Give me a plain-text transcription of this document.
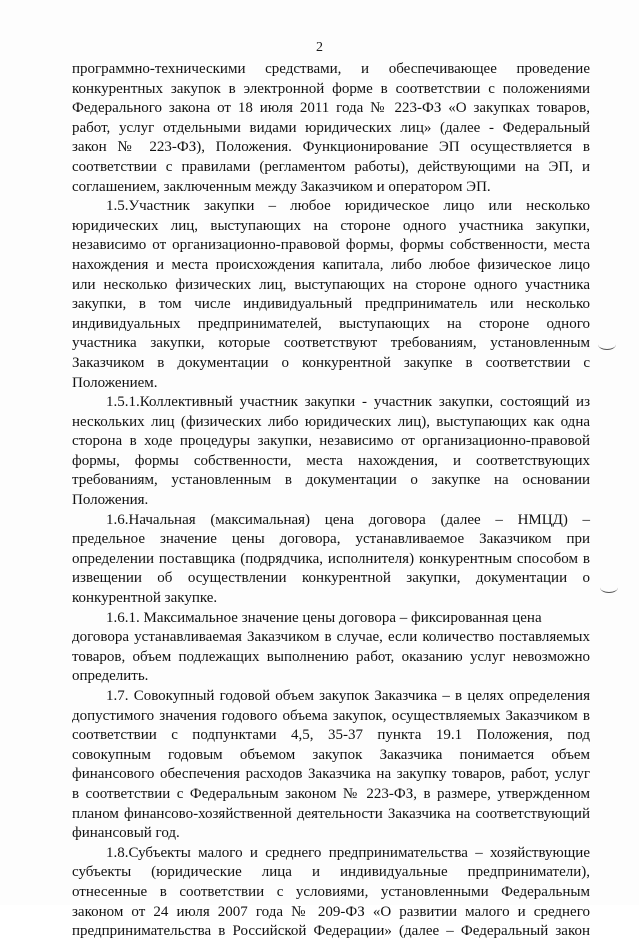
2
программно-техническими средствами, и обеспечивающее проведение
конкурентных закупок в электронной форме в соответствии с положениями
Федерального закона от 18 июля 2011 года № 223-ФЗ «О закупках товаров,
работ, услуг отдельными видами юридических лиц» (далее - Федеральный
закон № 223-ФЗ), Положения. Функционирование ЭП осуществляется в
соответствии с правилами (регламентом работы), действующими на ЭП, и
соглашением, заключенным между Заказчиком и оператором ЭП.
1.5.Участник закупки – любое юридическое лицо или несколько
юридических лиц, выступающих на стороне одного участника закупки,
независимо от организационно-правовой формы, формы собственности, места
нахождения и места происхождения капитала, либо любое физическое лицо
или несколько физических лиц, выступающих на стороне одного участника
закупки, в том числе индивидуальный предприниматель или несколько
индивидуальных предпринимателей, выступающих на стороне одного
участника закупки, которые соответствуют требованиям, установленным
Заказчиком в документации о конкурентной закупке в соответствии с
Положением.
1.5.1.Коллективный участник закупки - участник закупки, состоящий из
нескольких лиц (физических либо юридических лиц), выступающих как одна
сторона в ходе процедуры закупки, независимо от организационно-правовой
формы, формы собственности, места нахождения, и соответствующих
требованиям, установленным в документации о закупке на основании
Положения.
1.6.Начальная (максимальная) цена договора (далее – НМЦД) –
предельное значение цены договора, устанавливаемое Заказчиком при
определении поставщика (подрядчика, исполнителя) конкурентным способом в
извещении об осуществлении конкурентной закупки, документации о
конкурентной закупке.
1.6.1. Максимальное значение цены договора – фиксированная цена
договора устанавливаемая Заказчиком в случае, если количество поставляемых
товаров, объем подлежащих выполнению работ, оказанию услуг невозможно
определить.
1.7. Совокупный годовой объем закупок Заказчика – в целях определения
допустимого значения годового объема закупок, осуществляемых Заказчиком в
соответствии с подпунктами 4,5, 35-37 пункта 19.1 Положения, под
совокупным годовым объемом закупок Заказчика понимается объем
финансового обеспечения расходов Заказчика на закупку товаров, работ, услуг
в соответствии с Федеральным законом № 223-ФЗ, в размере, утвержденном
планом финансово-хозяйственной деятельности Заказчика на соответствующий
финансовый год.
1.8.Субъекты малого и среднего предпринимательства – хозяйствующие
субъекты (юридические лица и индивидуальные предприниматели),
отнесенные в соответствии с условиями, установленными Федеральным
законом от 24 июля 2007 года № 209-ФЗ «О развитии малого и среднего
предпринимательства в Российской Федерации» (далее – Федеральный закон
